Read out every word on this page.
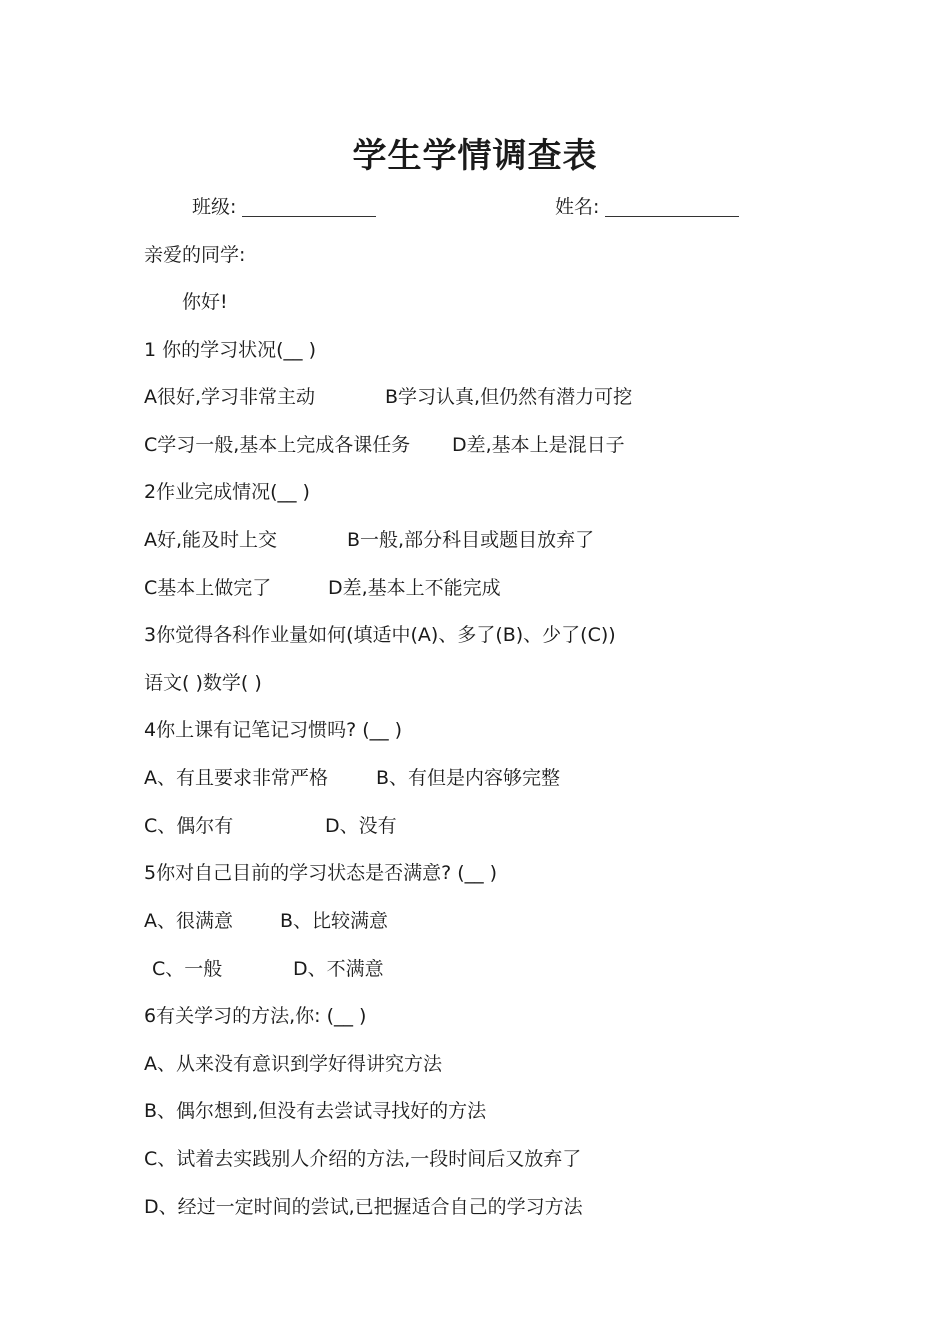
学生学情调查表
班级:	姓名:
亲爱的同学:
你好!
1 你的学习状况(__ )
A很好,学习非常主动	B学习认真,但仍然有潜力可挖
C学习一般,基本上完成各课任务 D差,基本上是混日子
2作业完成情况(__ )
A好,能及时上交	B一般,部分科目或题目放弃了
C基本上做完了	D差,基本上不能完成
3你觉得各科作业量如何(填适中(A)、多了(B)、少了(C))
语文( )数学( )
4你上课有记笔记习惯吗? (__ )
A、有且要求非常严格	B、有但是内容够完整
C、偶尔有	D、没有
5你对自己目前的学习状态是否满意? (__ )
A、很满意 B、比较满意
C、一般	D、不满意
6有关学习的方法,你: (__ )
A、从来没有意识到学好得讲究方法
B、偶尔想到,但没有去尝试寻找好的方法
C、试着去实践别人介绍的方法,一段时间后又放弃了
D、经过一定时间的尝试,已把握适合自己的学习方法
